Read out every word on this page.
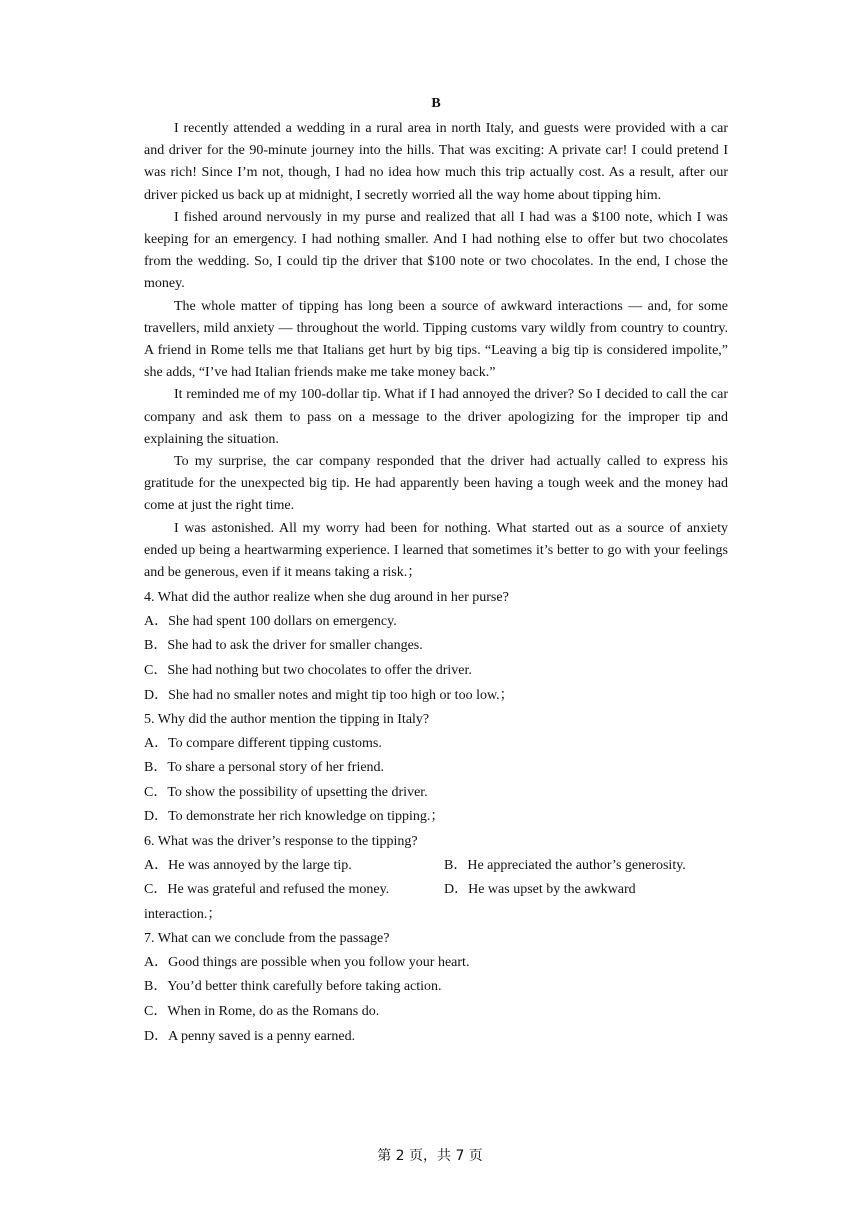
B

I recently attended a wedding in a rural area in north Italy, and guests were provided with a car and driver for the 90-minute journey into the hills. That was exciting: A private car! I could pretend I was rich! Since I’m not, though, I had no idea how much this trip actually cost. As a result, after our driver picked us back up at midnight, I secretly worried all the way home about tipping him.

I fished around nervously in my purse and realized that all I had was a $100 note, which I was keeping for an emergency. I had nothing smaller. And I had nothing else to offer but two chocolates from the wedding. So, I could tip the driver that $100 note or two chocolates. In the end, I chose the money.

The whole matter of tipping has long been a source of awkward interactions — and, for some travellers, mild anxiety — throughout the world. Tipping customs vary wildly from country to country. A friend in Rome tells me that Italians get hurt by big tips. “Leaving a big tip is considered impolite,” she adds, “I’ve had Italian friends make me take money back.”

It reminded me of my 100-dollar tip. What if I had annoyed the driver? So I decided to call the car company and ask them to pass on a message to the driver apologizing for the improper tip and explaining the situation.

To my surprise, the car company responded that the driver had actually called to express his gratitude for the unexpected big tip. He had apparently been having a tough week and the money had come at just the right time.

I was astonished. All my worry had been for nothing. What started out as a source of anxiety ended up being a heartwarming experience. I learned that sometimes it’s better to go with your feelings and be generous, even if it means taking a risk.；

4. What did the author realize when she dug around in her purse?

A．She had spent 100 dollars on emergency.

B．She had to ask the driver for smaller changes.

C．She had nothing but two chocolates to offer the driver.

D．She had no smaller notes and might tip too high or too low.；

5. Why did the author mention the tipping in Italy?

A．To compare different tipping customs.

B．To share a personal story of her friend.

C．To show the possibility of upsetting the driver.

D．To demonstrate her rich knowledge on tipping.；

6. What was the driver’s response to the tipping?

A．He was annoyed by the large tip.	B．He appreciated the author’s generosity.
C．He was grateful and refused the money.	D．He was upset by the awkward

interaction.；

7. What can we conclude from the passage?

A．Good things are possible when you follow your heart.

B．You’d better think carefully before taking action.

C．When in Rome, do as the Romans do.

D．A penny saved is a penny earned.

第 2 页，共 7 页
